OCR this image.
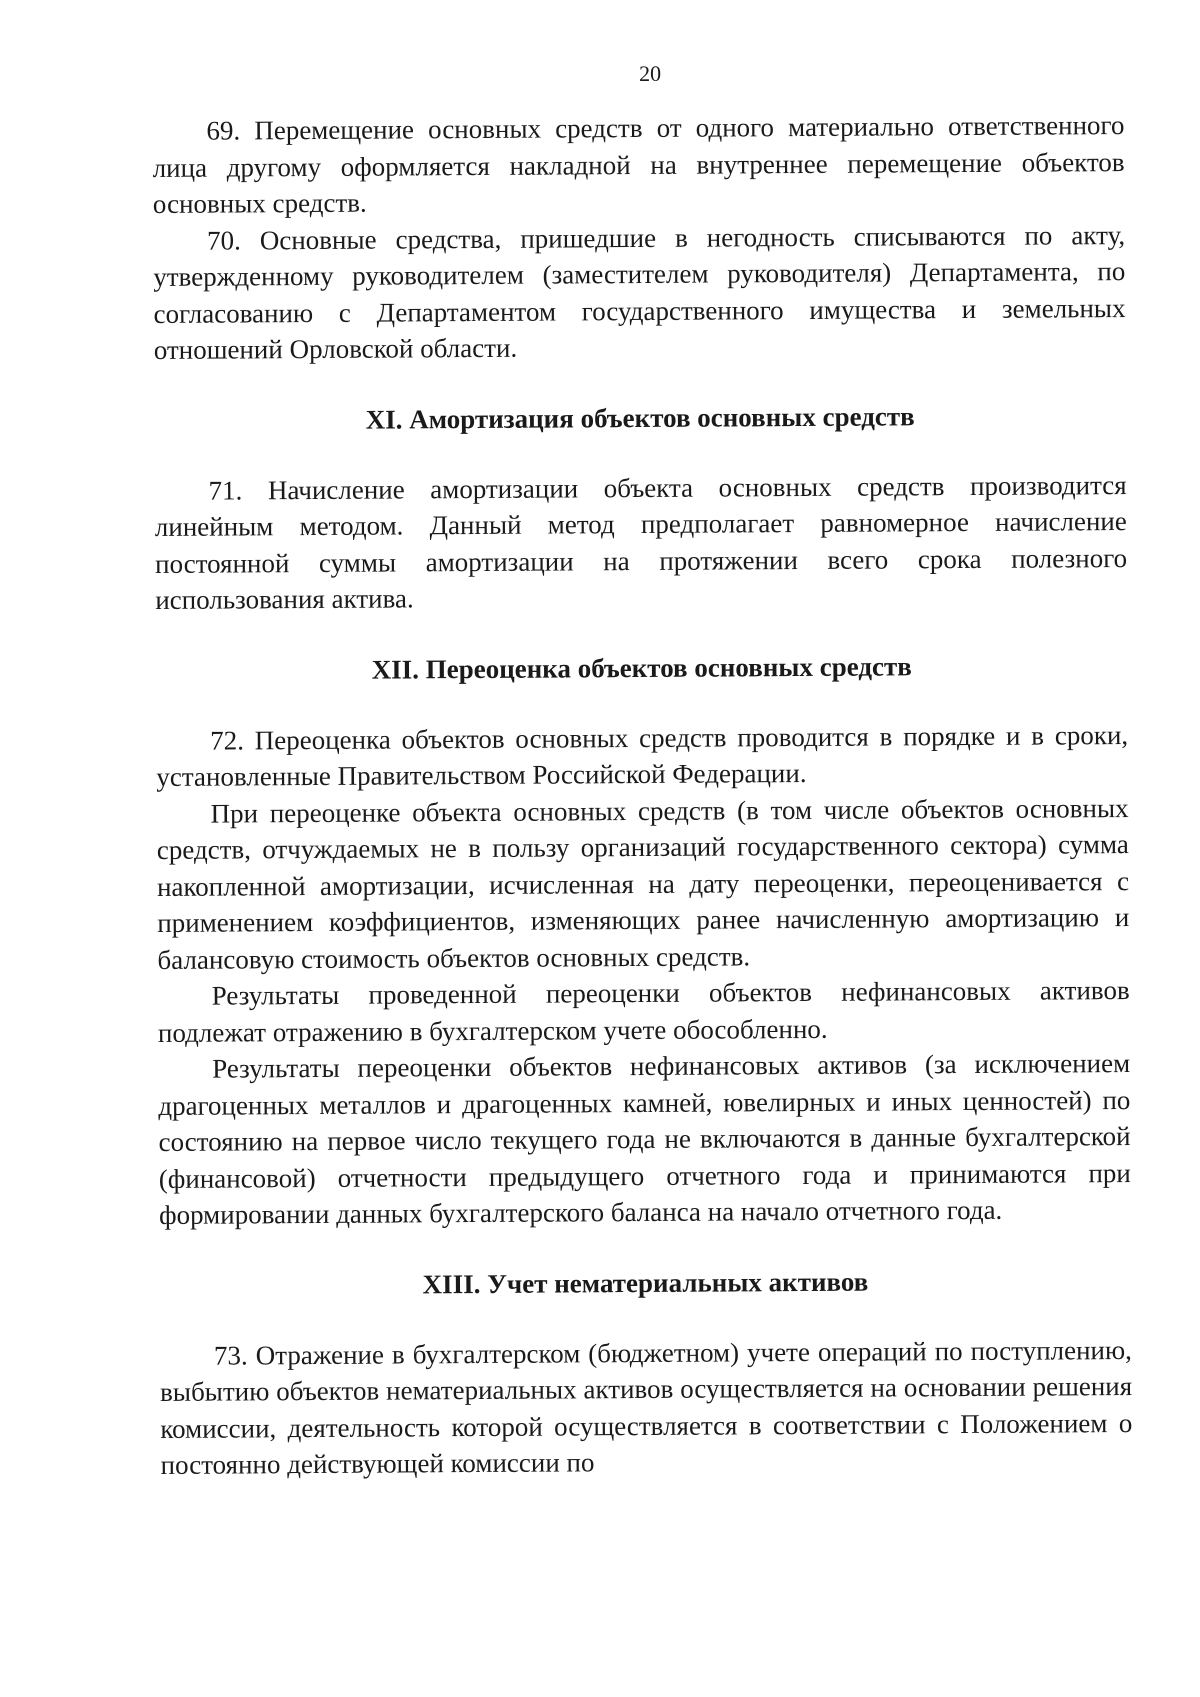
20

69. Перемещение основных средств от одного материально ответственного лица другому оформляется накладной на внутреннее перемещение объектов основных средств.

70. Основные средства, пришедшие в негодность списываются по акту, утвержденному руководителем (заместителем руководителя) Департамента, по согласованию с Департаментом государственного имущества и земельных отношений Орловской области.

XI. Амортизация объектов основных средств

71. Начисление амортизации объекта основных средств производится линейным методом. Данный метод предполагает равномерное начисление постоянной суммы амортизации на протяжении всего срока полезного использования актива.

XII. Переоценка объектов основных средств

72. Переоценка объектов основных средств проводится в порядке и в сроки, установленные Правительством Российской Федерации.

При переоценке объекта основных средств (в том числе объектов основных средств, отчуждаемых не в пользу организаций государственного сектора) сумма накопленной амортизации, исчисленная на дату переоценки, переоценивается с применением коэффициентов, изменяющих ранее начисленную амортизацию и балансовую стоимость объектов основных средств.

Результаты проведенной переоценки объектов нефинансовых активов подлежат отражению в бухгалтерском учете обособленно.

Результаты переоценки объектов нефинансовых активов (за исключением драгоценных металлов и драгоценных камней, ювелирных и иных ценностей) по состоянию на первое число текущего года не включаются в данные бухгалтерской (финансовой) отчетности предыдущего отчетного года и принимаются при формировании данных бухгалтерского баланса на начало отчетного года.

XIII. Учет нематериальных активов

73. Отражение в бухгалтерском (бюджетном) учете операций по поступлению, выбытию объектов нематериальных активов осуществляется на основании решения комиссии, деятельность которой осуществляется в соответствии с Положением о постоянно действующей комиссии по
